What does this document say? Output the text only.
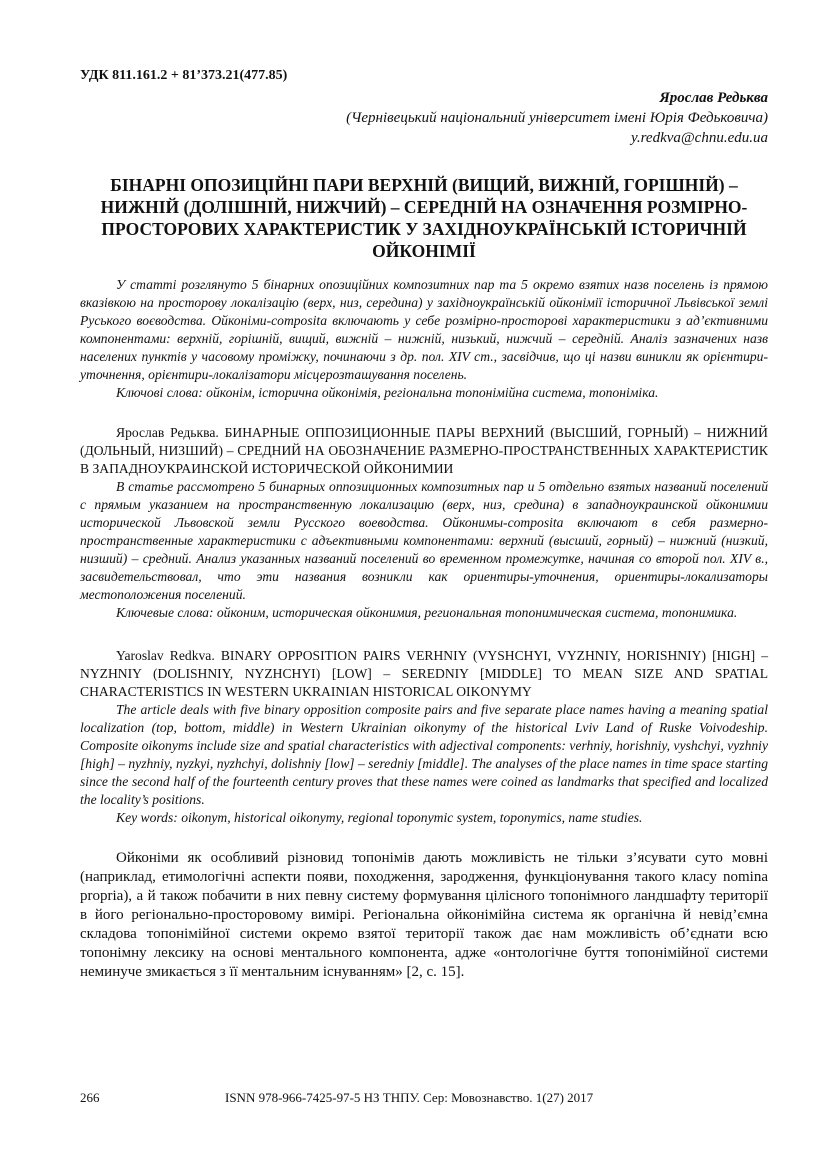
УДК 811.161.2 + 81’373.21(477.85)
Ярослав Редьква
(Чернівецький національний університет імені Юрія Федьковича)
y.redkva@chnu.edu.ua
БІНАРНІ ОПОЗИЦІЙНІ ПАРИ ВЕРХНІЙ (ВИЩИЙ, ВИЖНІЙ, ГОРІШНІЙ) – НИЖНІЙ (ДОЛІШНІЙ, НИЖЧИЙ) – СЕРЕДНІЙ НА ОЗНАЧЕННЯ РОЗМІРНО-ПРОСТОРОВИХ ХАРАКТЕРИСТИК У ЗАХІДНОУКРАЇНСЬКІЙ ІСТОРИЧНІЙ ОЙКОНІМІЇ

У статті розглянуто 5 бінарних опозиційних композитних пар та 5 окремо взятих назв поселень із прямою вказівкою на просторову локалізацію (верх, низ, середина) у західноукраїнській ойконімії історичної Львівської землі Руського воєводства. Ойконіми-composita включають у себе розмірно-просторові характеристики з ад’єктивними компонентами: верхній, горішній, вищий, вижній – нижній, низький, нижчий – середній. Аналіз зазначених назв населених пунктів у часовому проміжку, починаючи з др. пол. XIV ст., засвідчив, що ці назви виникли як орієнтири-уточнення, орієнтири-локалізатори місцерозташування поселень.

Ключові слова: ойконім, історична ойконімія, регіональна топонімійна система, топоніміка.

Ярослав Редьква. БИНАРНЫЕ ОППОЗИЦИОННЫЕ ПАРЫ ВЕРХНИЙ (ВЫСШИЙ, ГОРНЫЙ) – НИЖНИЙ (ДОЛЬНЫЙ, НИЗШИЙ) – СРЕДНИЙ НА ОБОЗНАЧЕНИЕ РАЗМЕРНО-ПРОСТРАНСТВЕННЫХ ХАРАКТЕРИСТИК В ЗАПАДНОУКРАИНСКОЙ ИСТОРИЧЕСКОЙ ОЙКОНИМИИ

В статье рассмотрено 5 бинарных оппозиционных композитных пар и 5 отдельно взятых названий поселений с прямым указанием на пространственную локализацию (верх, низ, средина) в западноукраинской ойконимии исторической Львовской земли Русского воеводства. Ойконимы-composita включают в себя размерно-пространственные характеристики с адъективными компонентами: верхний (высший, горный) – нижний (низкий, низший) – средний. Анализ указанных названий поселений во временном промежутке, начиная со второй пол. XIV в., засвидетельствовал, что эти названия возникли как ориентиры-уточнения, ориентиры-локализаторы местоположения поселений.

Ключевые слова: ойконим, историческая ойконимия, региональная топонимическая система, топонимика.

Yaroslav Redkva. BINARY OPPOSITION PAIRS VERHNIY (VYSHCHYI, VYZHNIY, HORISHNIY) [HIGH] – NYZHNIY (DOLISHNIY, NYZHCHYI) [LOW] – SEREDNIY [MIDDLE] TO MEAN SIZE AND SPATIAL CHARACTERISTICS IN WESTERN UKRAINIAN HISTORICAL OIKONYMY

The article deals with five binary opposition composite pairs and five separate place names having a meaning spatial localization (top, bottom, middle) in Western Ukrainian oikonymy of the historical Lviv Land of Ruske Voivodeship. Composite oikonyms include size and spatial characteristics with adjectival components: verhniy, horishniy, vyshchyi, vyzhniy [high] – nyzhniy, nyzkyi, nyzhchyi, dolishniy [low] – seredniy [middle]. The analyses of the place names in time space starting since the second half of the fourteenth century proves that these names were coined as landmarks that specified and localized the locality’s positions.

Key words: oikonym, historical oikonymy, regional toponymic system, toponymics, name studies.

Ойконіми як особливий різновид топонімів дають можливість не тільки з’ясувати суто мовні (наприклад, етимологічні аспекти появи, походження, зародження, функціонування такого класу nomina proрria), а й також побачити в них певну систему формування цілісного топонімного ландшафту території в його регіонально-просторовому вимірі. Регіональна ойконімійна система як органічна й невід’ємна складова топонімійної системи окремо взятої території також дає нам можливість об’єднати всю топонімну лексику на основі ментального компонента, адже «онтологічне буття топонімійної системи неминуче змикається з її ментальним існуванням» [2, с. 15].

266	ISNN 978-966-7425-97-5 НЗ ТНПУ. Сер: Мовознавство. 1(27) 2017
